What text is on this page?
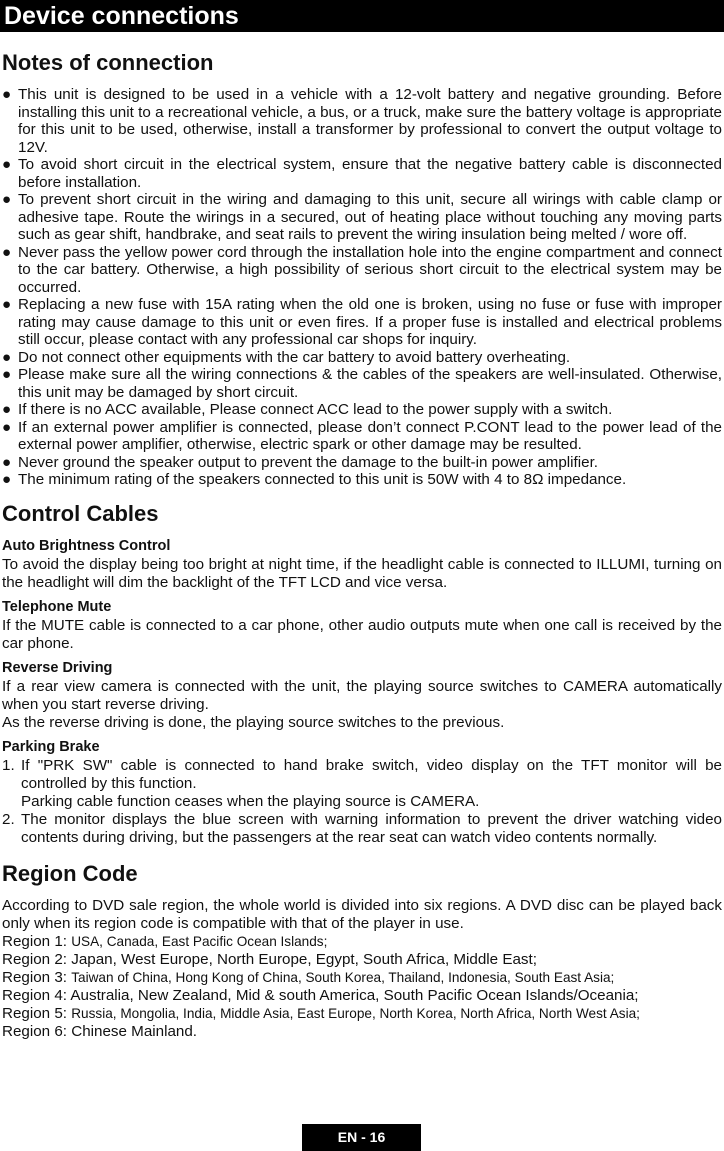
Device connections
Notes of connection
● This unit is designed to be used in a vehicle with a 12-volt battery and negative grounding. Before installing this unit to a recreational vehicle, a bus, or a truck, make sure the battery voltage is appropriate for this unit to be used, otherwise, install a transformer by professional to convert the output voltage to 12V.
● To avoid short circuit in the electrical system, ensure that the negative battery cable is disconnected before installation.
● To prevent short circuit in the wiring and damaging to this unit, secure all wirings with cable clamp or adhesive tape. Route the wirings in a secured, out of heating place without touching any moving parts such as gear shift, handbrake, and seat rails to prevent the wiring insulation being melted / wore off.
● Never pass the yellow power cord through the installation hole into the engine compartment and connect to the car battery. Otherwise, a high possibility of serious short circuit to the electrical system may be occurred.
● Replacing a new fuse with 15A rating when the old one is broken, using no fuse or fuse with improper rating may cause damage to this unit or even fires. If a proper fuse is installed and electrical problems still occur, please contact with any professional car shops for inquiry.
● Do not connect other equipments with the car battery to avoid battery overheating.
● Please make sure all the wiring connections & the cables of the speakers are well-insulated. Otherwise, this unit may be damaged by short circuit.
● If there is no ACC available, Please connect ACC lead to the power supply with a switch.
● If an external power amplifier is connected, please don’t connect P.CONT lead to the power lead of the external power amplifier, otherwise, electric spark or other damage may be resulted.
● Never ground the speaker output to prevent the damage to the built-in power amplifier.
● The minimum rating of the speakers connected to this unit is 50W with 4 to 8Ω impedance.
Control Cables
Auto Brightness Control

To avoid the display being too bright at night time, if the headlight cable is connected to ILLUMI, turning on the headlight will dim the backlight of the TFT LCD and vice versa.

Telephone Mute

If the MUTE cable is connected to a car phone, other audio outputs mute when one call is received by the car phone.

Reverse Driving

If a rear view camera is connected with the unit, the playing source switches to CAMERA automatically when you start reverse driving.

As the reverse driving is done, the playing source switches to the previous.

Parking Brake
1. If "PRK SW" cable is connected to hand brake switch, video display on the TFT monitor will be controlled by this function.
Parking cable function ceases when the playing source is CAMERA.
2. The monitor displays the blue screen with warning information to prevent the driver watching video contents during driving, but the passengers at the rear seat can watch video contents normally.
Region Code

According to DVD sale region, the whole world is divided into six regions. A DVD disc can be played back only when its region code is compatible with that of the player in use.

Region 1: USA, Canada, East Pacific Ocean Islands;

Region 2: Japan, West Europe, North Europe, Egypt, South Africa, Middle East;

Region 3: Taiwan of China, Hong Kong of China, South Korea, Thailand, Indonesia, South East Asia;

Region 4: Australia, New Zealand, Mid & south America, South Pacific Ocean Islands/Oceania;

Region 5: Russia, Mongolia, India, Middle Asia, East Europe, North Korea, North Africa, North West Asia;

Region 6: Chinese Mainland.

EN - 16
